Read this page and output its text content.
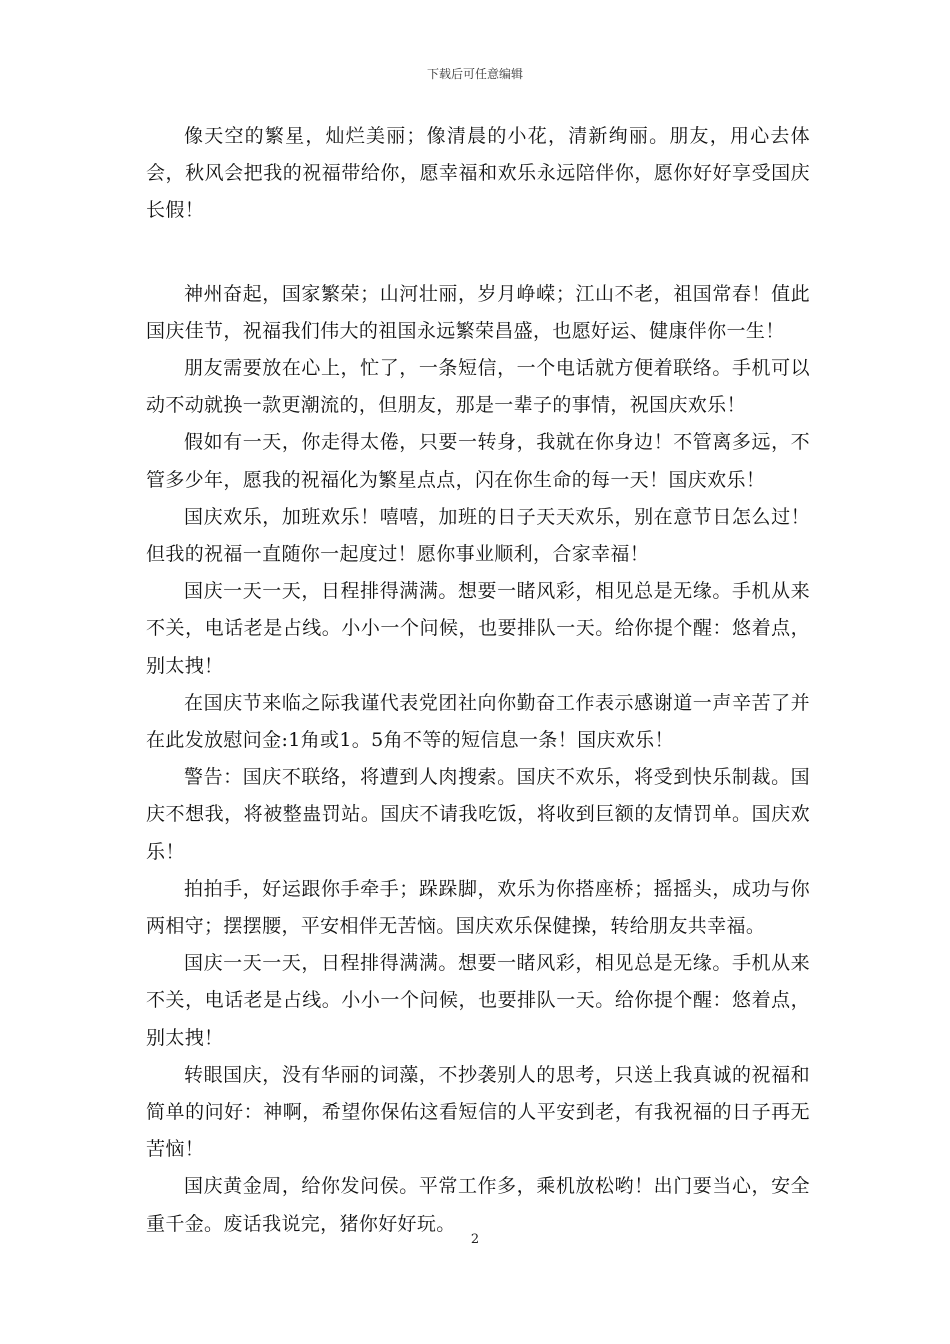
下载后可任意编辑

像天空的繁星，灿烂美丽；像清晨的小花，清新绚丽。朋友，用心去体会，秋风会把我的祝福带给你，愿幸福和欢乐永远陪伴你，愿你好好享受国庆长假！

神州奋起，国家繁荣；山河壮丽，岁月峥嵘；江山不老，祖国常春！值此国庆佳节，祝福我们伟大的祖国永远繁荣昌盛，也愿好运、健康伴你一生！

朋友需要放在心上，忙了，一条短信，一个电话就方便着联络。手机可以动不动就换一款更潮流的，但朋友，那是一辈子的事情，祝国庆欢乐！

假如有一天，你走得太倦，只要一转身，我就在你身边！不管离多远，不管多少年，愿我的祝福化为繁星点点，闪在你生命的每一天！国庆欢乐！

国庆欢乐，加班欢乐！嘻嘻，加班的日子天天欢乐，别在意节日怎么过！但我的祝福一直随你一起度过！愿你事业顺利，合家幸福！

国庆一天一天，日程排得满满。想要一睹风彩，相见总是无缘。手机从来不关，电话老是占线。小小一个问候，也要排队一天。给你提个醒：悠着点，别太拽！

在国庆节来临之际我谨代表党团社向你勤奋工作表示感谢道一声辛苦了并在此发放慰问金:1角或1。5角不等的短信息一条！国庆欢乐！

警告：国庆不联络，将遭到人肉搜索。国庆不欢乐，将受到快乐制裁。国庆不想我，将被整蛊罚站。国庆不请我吃饭，将收到巨额的友情罚单。国庆欢乐！

拍拍手，好运跟你手牵手；跺跺脚，欢乐为你搭座桥；摇摇头，成功与你两相守；摆摆腰，平安相伴无苦恼。国庆欢乐保健操，转给朋友共幸福。

国庆一天一天，日程排得满满。想要一睹风彩，相见总是无缘。手机从来不关，电话老是占线。小小一个问候，也要排队一天。给你提个醒：悠着点，别太拽！

转眼国庆，没有华丽的词藻，不抄袭别人的思考，只送上我真诚的祝福和简单的问好：神啊，希望你保佑这看短信的人平安到老，有我祝福的日子再无苦恼！

国庆黄金周，给你发问侯。平常工作多，乘机放松哟！出门要当心，安全重千金。废话我说完，猪你好好玩。

2
